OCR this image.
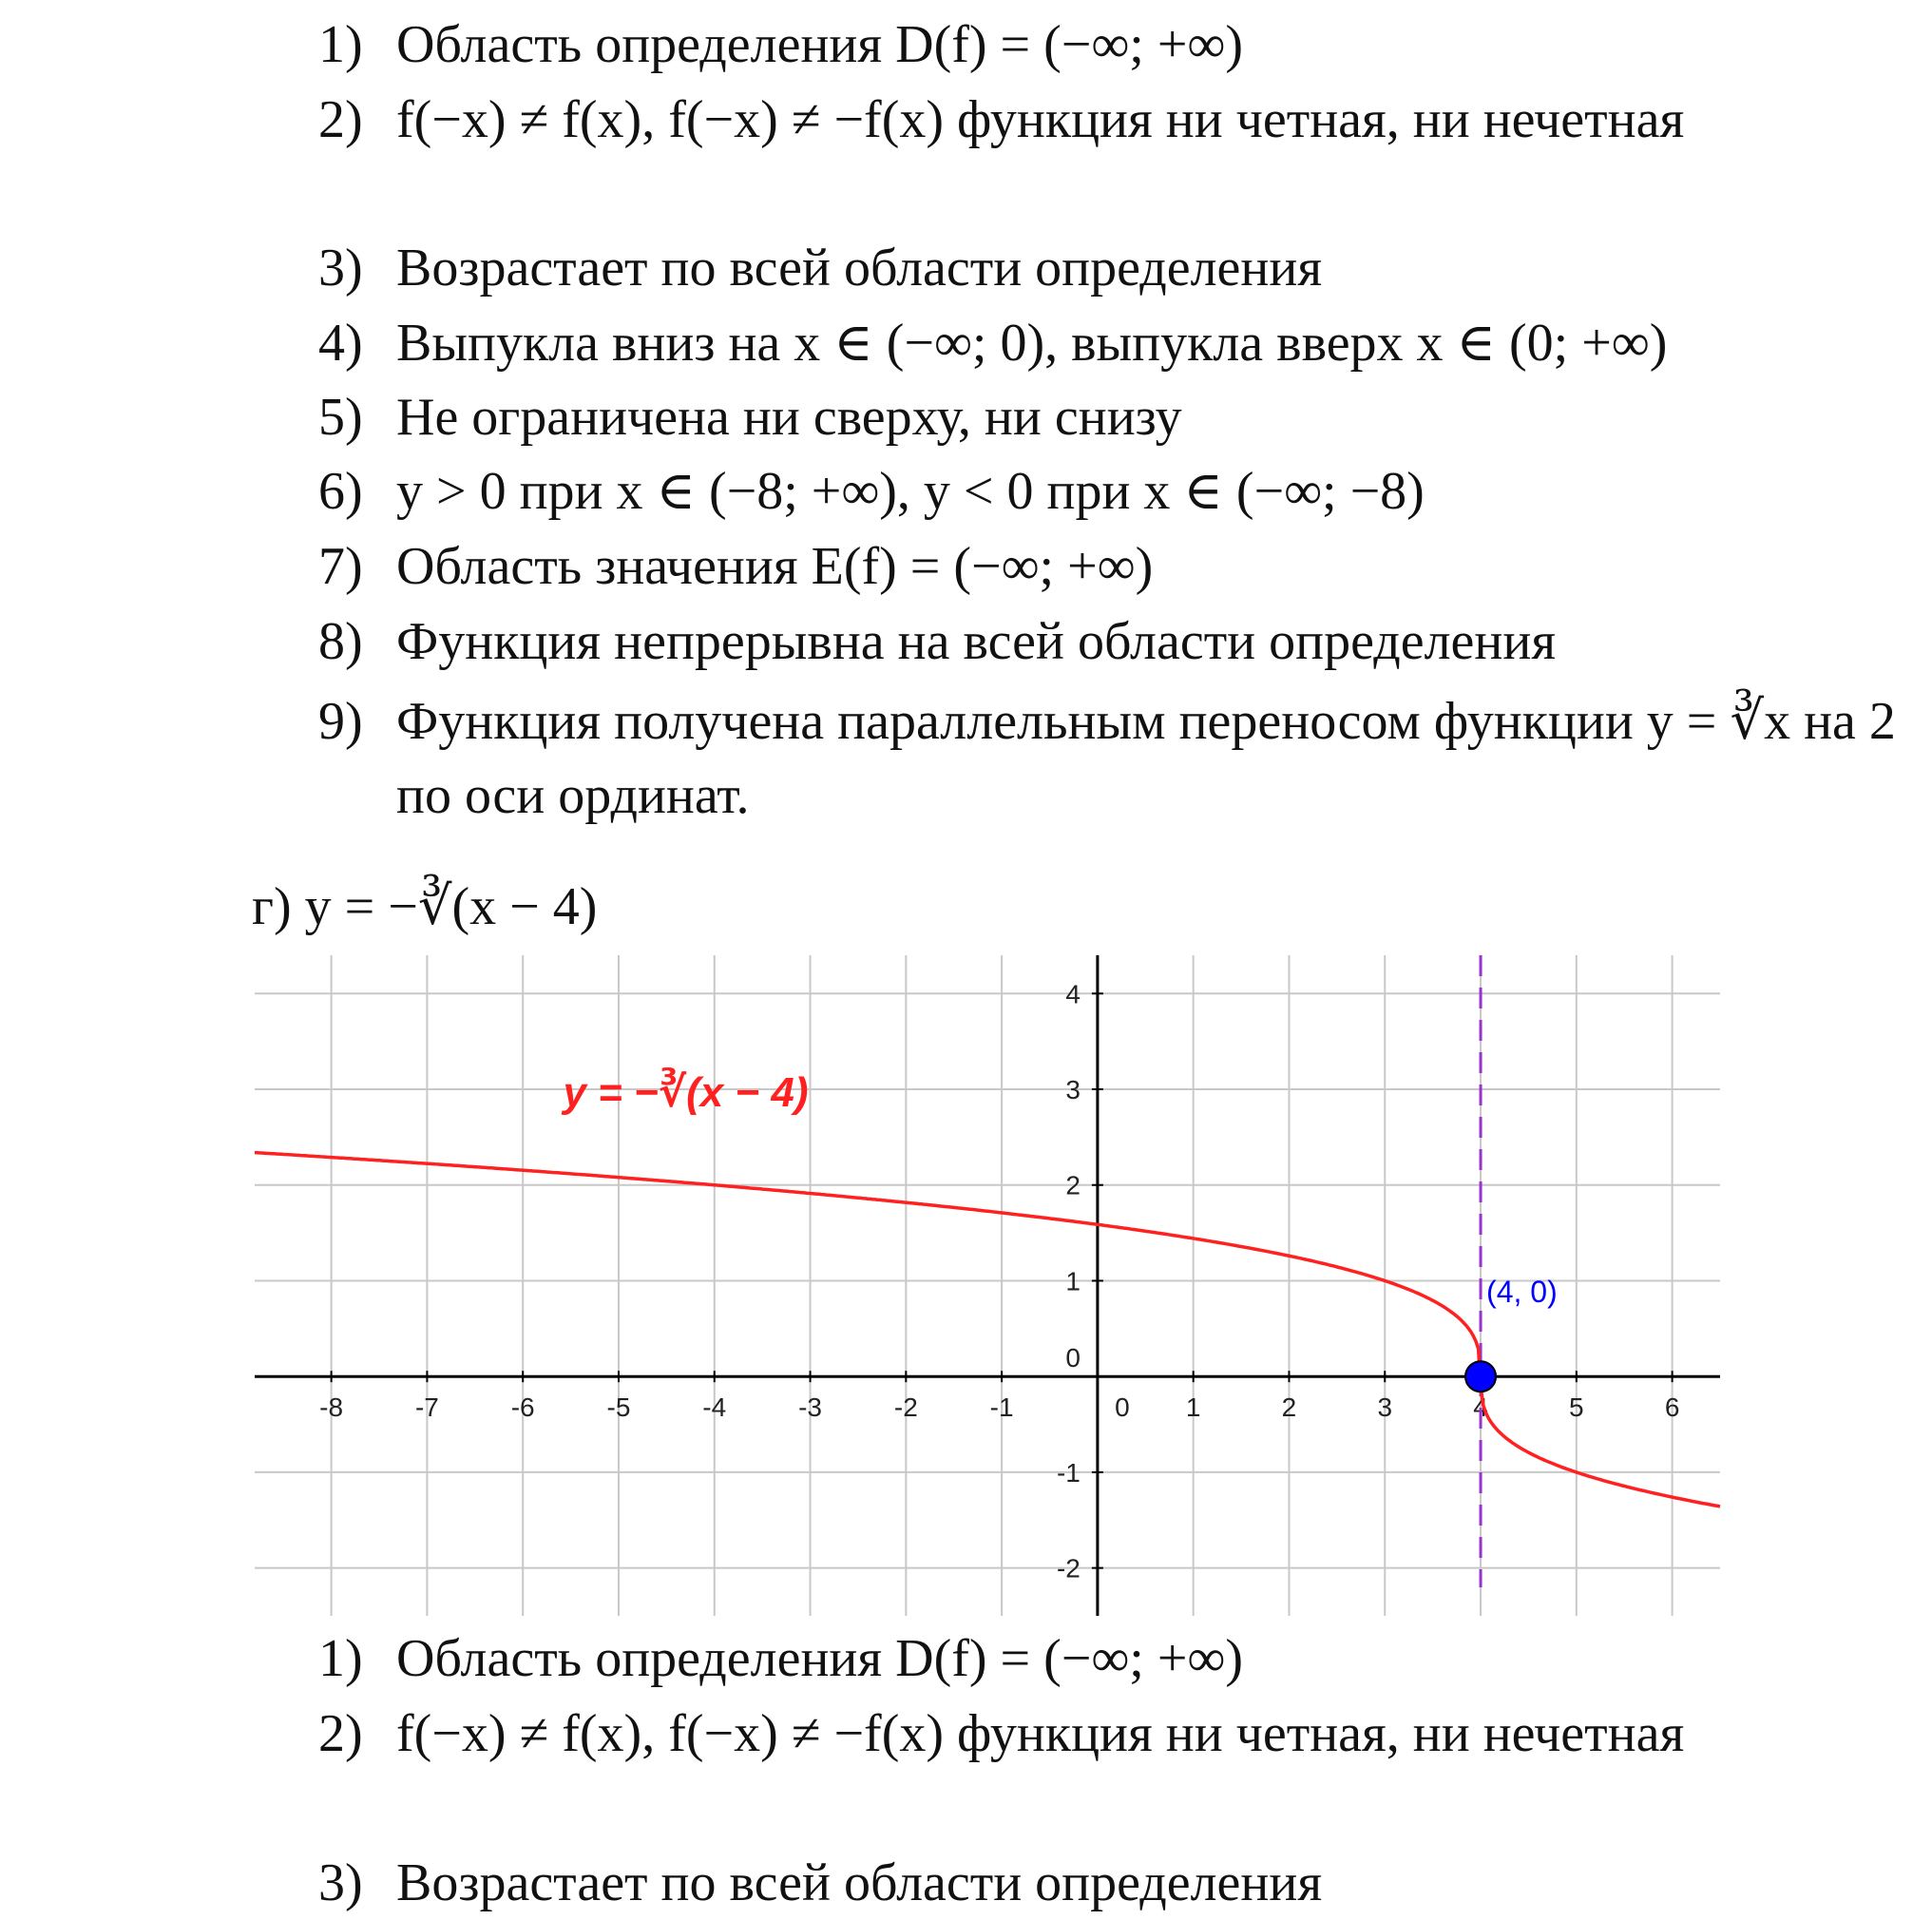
1) Область определения D(f) = (−∞; +∞)
2) f(−x) ≠ f(x), f(−x) ≠ −f(x) функция ни четная, ни нечетная
3) Возрастает по всей области определения
4) Выпукла вниз на x ∈ (−∞; 0), выпукла вверх x ∈ (0; +∞)
5) Не ограничена ни сверху, ни снизу
6) y > 0 при x ∈ (−8; +∞), y < 0 при x ∈ (−∞; −8)
7) Область значения E(f) = (−∞; +∞)
8) Функция непрерывна на всей области определения
9) Функция получена параллельным переносом функции y = ∛x на 2 по оси ординат.
г) y = −∛(x − 4)
-8	-7	-6	-5	-4	-3	-2	-1	0 1	2	3	4	5	6
-2
-1
0
1
2
3
4
y = −∛(x − 4)
(4, 0)
1) Область определения D(f) = (−∞; +∞)
2) f(−x) ≠ f(x), f(−x) ≠ −f(x) функция ни четная, ни нечетная
3) Возрастает по всей области определения
